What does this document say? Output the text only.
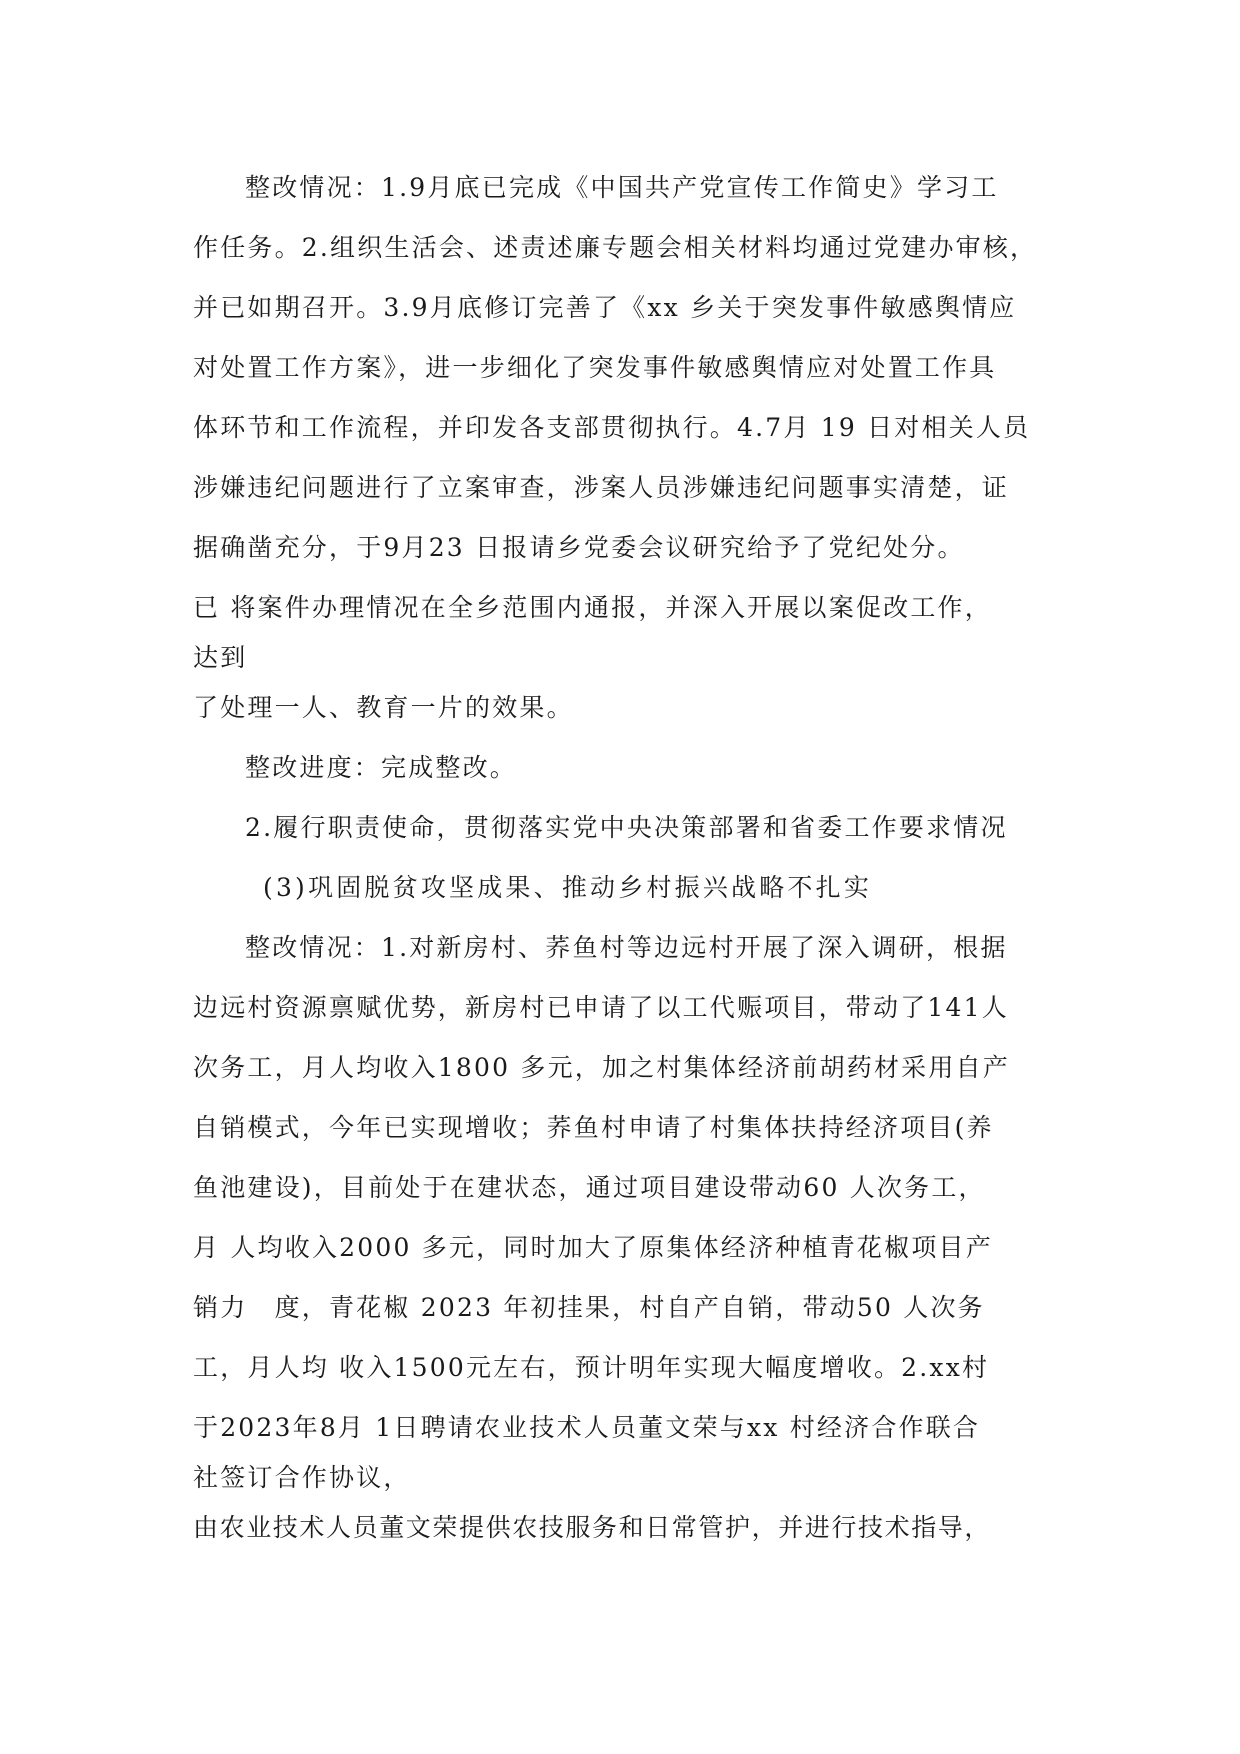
整改情况：1.9月底已完成《中国共产党宣传工作简史》学习工
作任务。2.组织生活会、述责述廉专题会相关材料均通过党建办审核，
并已如期召开。3.9月底修订完善了《xx 乡关于突发事件敏感舆情应
对处置工作方案》，进一步细化了突发事件敏感舆情应对处置工作具
体环节和工作流程，并印发各支部贯彻执行。4.7月 19 日对相关人员
涉嫌违纪问题进行了立案审查，涉案人员涉嫌违纪问题事实清楚，证
据确凿充分，于9月23 日报请乡党委会议研究给予了党纪处分。
已 将案件办理情况在全乡范围内通报，并深入开展以案促改工作，
达到
了处理一人、教育一片的效果。
整改进度：完成整改。
2.履行职责使命，贯彻落实党中央决策部署和省委工作要求情况
(3)巩固脱贫攻坚成果、推动乡村振兴战略不扎实
整改情况：1.对新房村、荞鱼村等边远村开展了深入调研，根据
边远村资源禀赋优势，新房村已申请了以工代赈项目，带动了141人
次务工，月人均收入1800 多元，加之村集体经济前胡药材采用自产
自销模式，今年已实现增收；荞鱼村申请了村集体扶持经济项目(养
鱼池建设)，目前处于在建状态，通过项目建设带动60 人次务工，
月 人均收入2000 多元，同时加大了原集体经济种植青花椒项目产
销力　度，青花椒 2023 年初挂果，村自产自销，带动50 人次务
工，月人均 收入1500元左右，预计明年实现大幅度增收。2.xx村
于2023年8月 1日聘请农业技术人员董文荣与xx 村经济合作联合
社签订合作协议，
由农业技术人员董文荣提供农技服务和日常管护，并进行技术指导，
